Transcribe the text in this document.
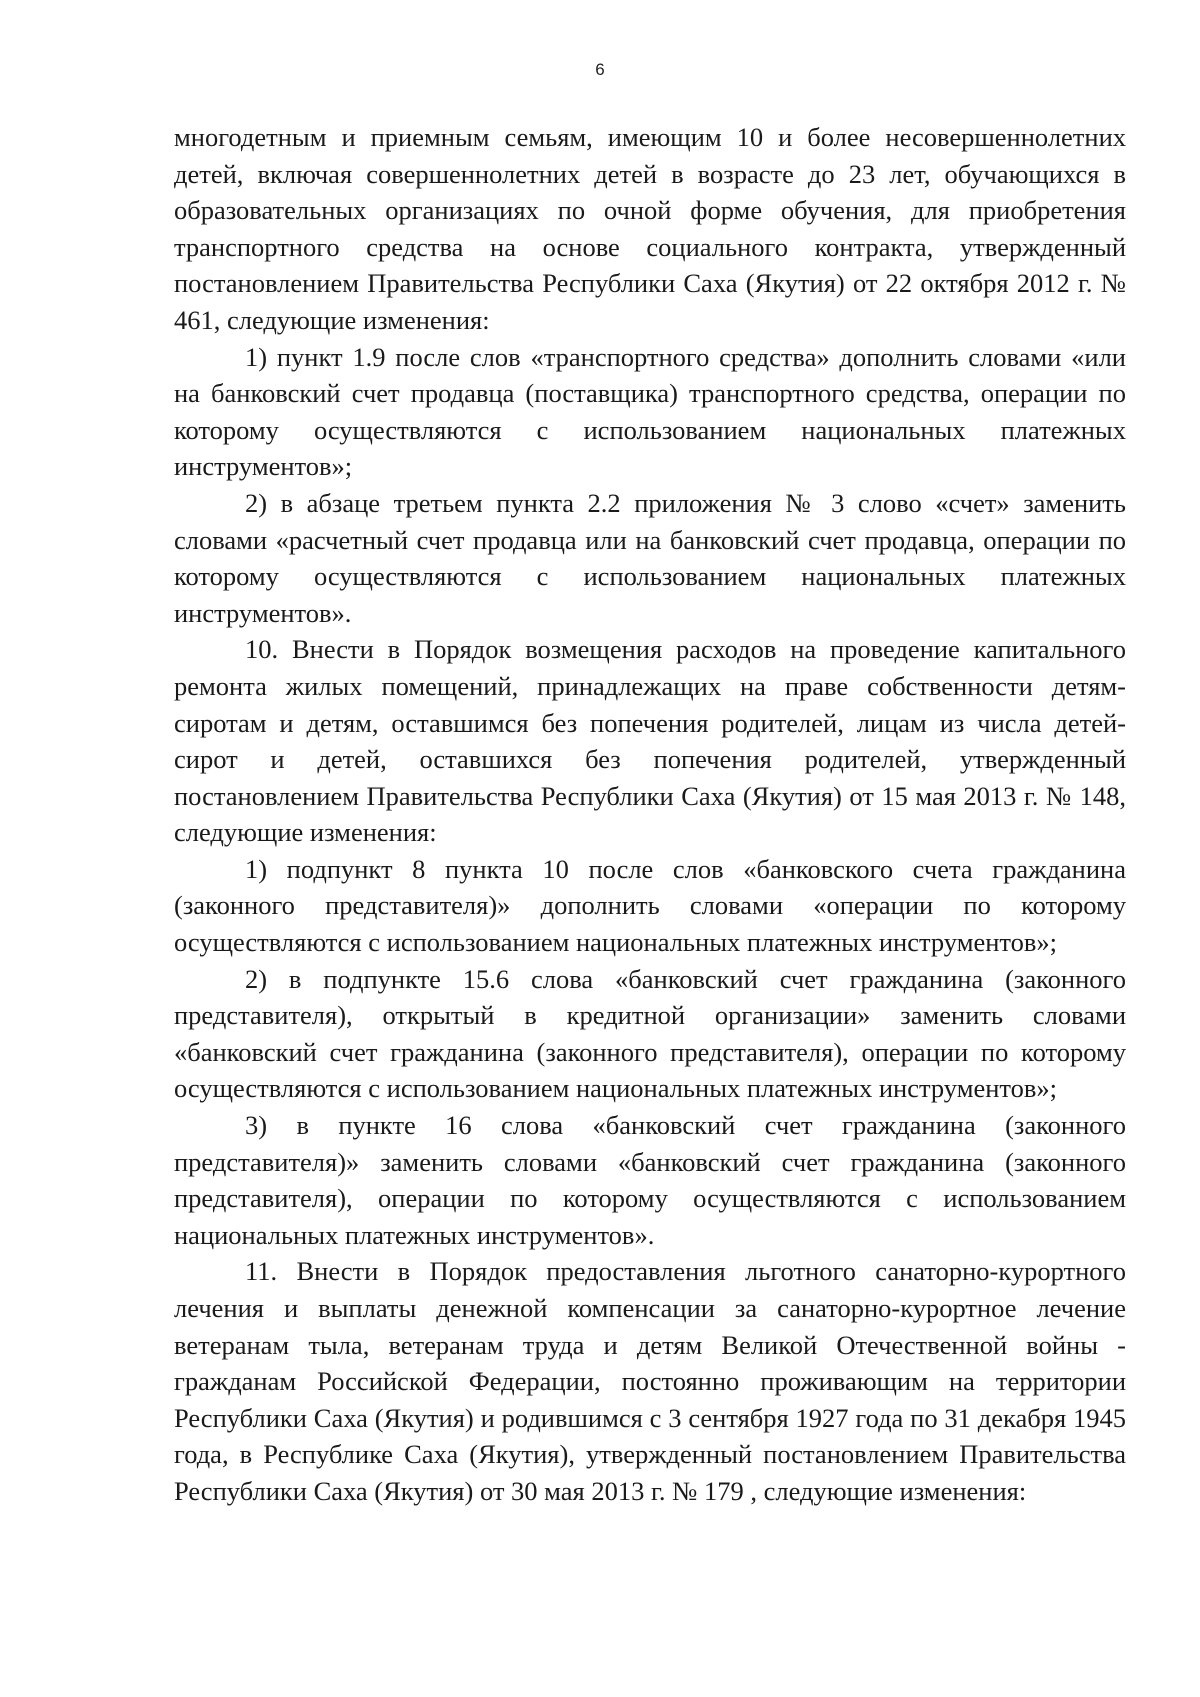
6

многодетным и приемным семьям, имеющим 10 и более несовершеннолетних детей, включая совершеннолетних детей в возрасте до 23 лет, обучающихся в образовательных организациях по очной форме обучения, для приобретения транспортного средства на основе социального контракта, утвержденный постановлением Правительства Республики Саха (Якутия) от 22 октября 2012 г. № 461, следующие изменения:

1) пункт 1.9 после слов «транспортного средства» дополнить словами «или на банковский счет продавца (поставщика) транспортного средства, операции по которому осуществляются с использованием национальных платежных инструментов»;

2) в абзаце третьем пункта 2.2 приложения № 3 слово «счет» заменить словами «расчетный счет продавца или на банковский счет продавца, операции по которому осуществляются с использованием национальных платежных инструментов».

10. Внести в Порядок возмещения расходов на проведение капитального ремонта жилых помещений, принадлежащих на праве собственности детям-сиротам и детям, оставшимся без попечения родителей, лицам из числа детей-сирот и детей, оставшихся без попечения родителей, утвержденный постановлением Правительства Республики Саха (Якутия) от 15 мая 2013 г. № 148, следующие изменения:

1) подпункт 8 пункта 10 после слов «банковского счета гражданина (законного представителя)» дополнить словами «операции по которому осуществляются с использованием национальных платежных инструментов»;

2) в подпункте 15.6 слова «банковский счет гражданина (законного представителя), открытый в кредитной организации» заменить словами «банковский счет гражданина (законного представителя), операции по которому осуществляются с использованием национальных платежных инструментов»;

3) в пункте 16 слова «банковский счет гражданина (законного представителя)» заменить словами «банковский счет гражданина (законного представителя), операции по которому осуществляются с использованием национальных платежных инструментов».

11. Внести в Порядок предоставления льготного санаторно-курортного лечения и выплаты денежной компенсации за санаторно-курортное лечение ветеранам тыла, ветеранам труда и детям Великой Отечественной войны - гражданам Российской Федерации, постоянно проживающим на территории Республики Саха (Якутия) и родившимся с 3 сентября 1927 года по 31 декабря 1945 года, в Республике Саха (Якутия), утвержденный постановлением Правительства Республики Саха (Якутия) от 30 мая 2013 г. № 179 , следующие изменения:
